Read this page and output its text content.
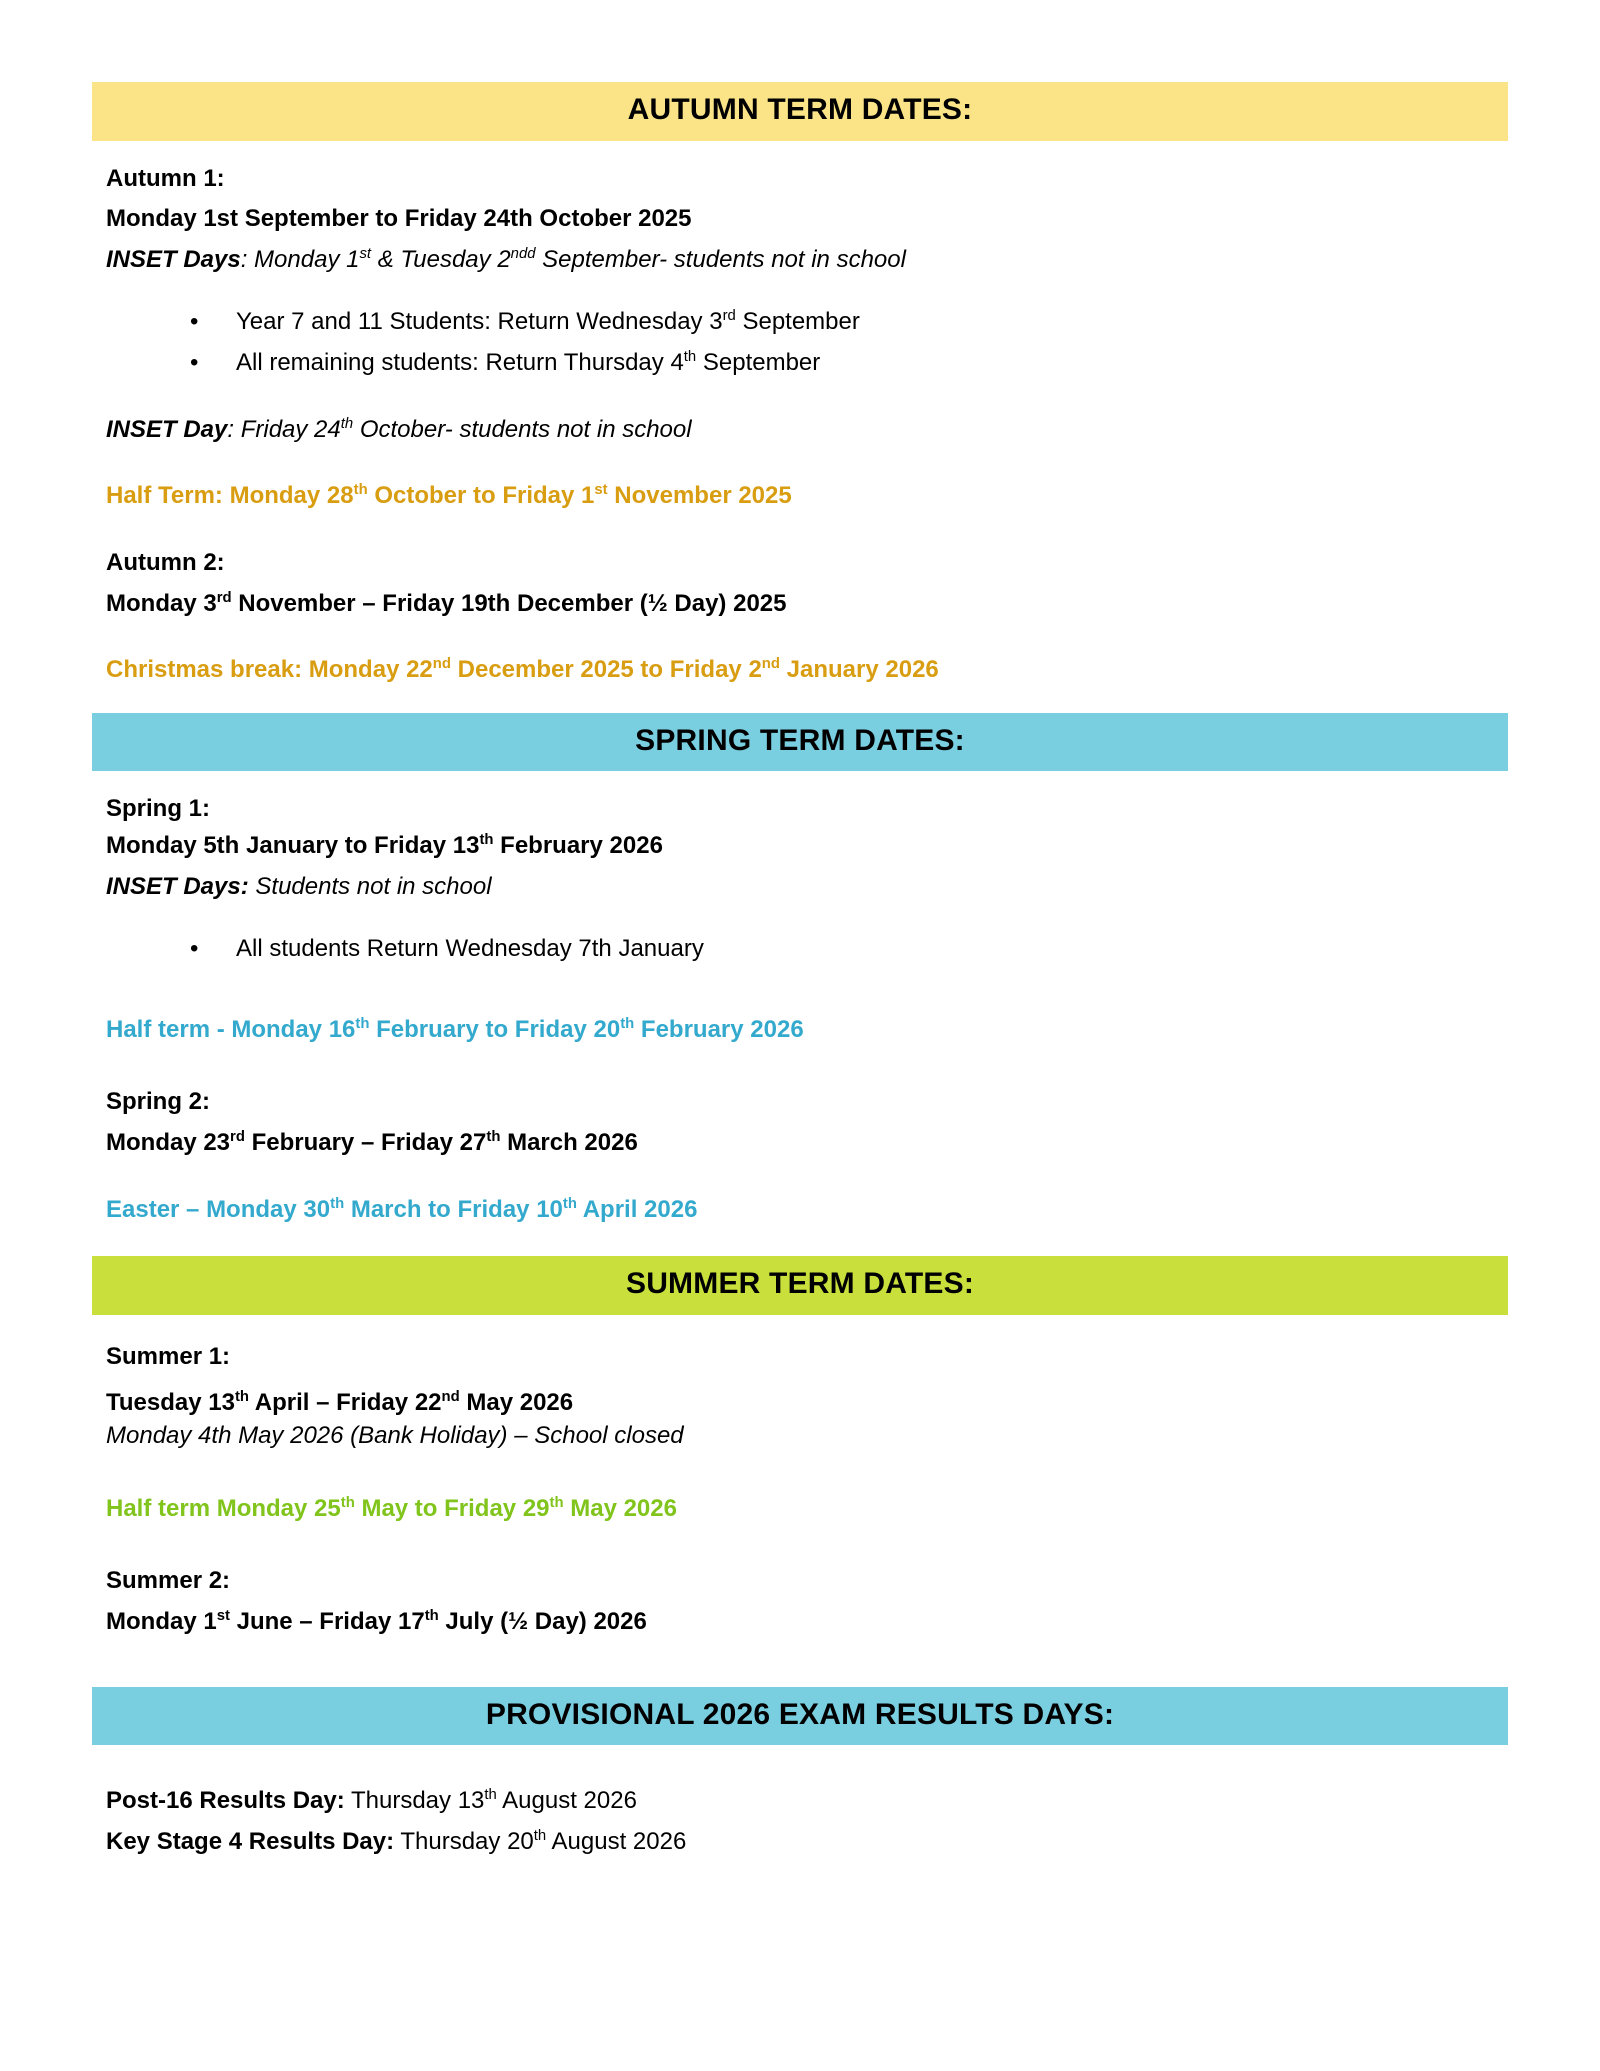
AUTUMN TERM DATES:

Autumn 1:

Monday 1st September to Friday 24th October 2025

INSET Days: Monday 1st & Tuesday $2^{ndd}$ September- students not in school

• Year 7 and 11 Students: Return Wednesday 3rd September
• All remaining students: Return Thursday 4th September

INSET Day: Friday 24th October- students not in school

Half Term: Monday 28th October to Friday 1st November 2025

Autumn 2:

Monday 3rd November – Friday 19th December (½ Day) 2025

Christmas break: Monday 22nd December 2025 to Friday 2nd January 2026

SPRING TERM DATES:

Spring 1:

Monday 5th January to Friday 13th February 2026

INSET Days: Students not in school

• All students Return Wednesday 7th January

Half term - Monday 16th February to Friday 20th February 2026

Spring 2:

Monday 23rd February – Friday 27th March 2026

Easter – Monday 30th March to Friday 10th April 2026

SUMMER TERM DATES:

Summer 1:

Tuesday 13th April – Friday 22nd May 2026

Monday 4th May 2026 (Bank Holiday) – School closed

Half term Monday 25th May to Friday 29th May 2026

Summer 2:

Monday 1st June – Friday 17th July (½ Day) 2026

PROVISIONAL 2026 EXAM RESULTS DAYS:

Post-16 Results Day: Thursday 13th August 2026

Key Stage 4 Results Day: Thursday 20th August 2026
